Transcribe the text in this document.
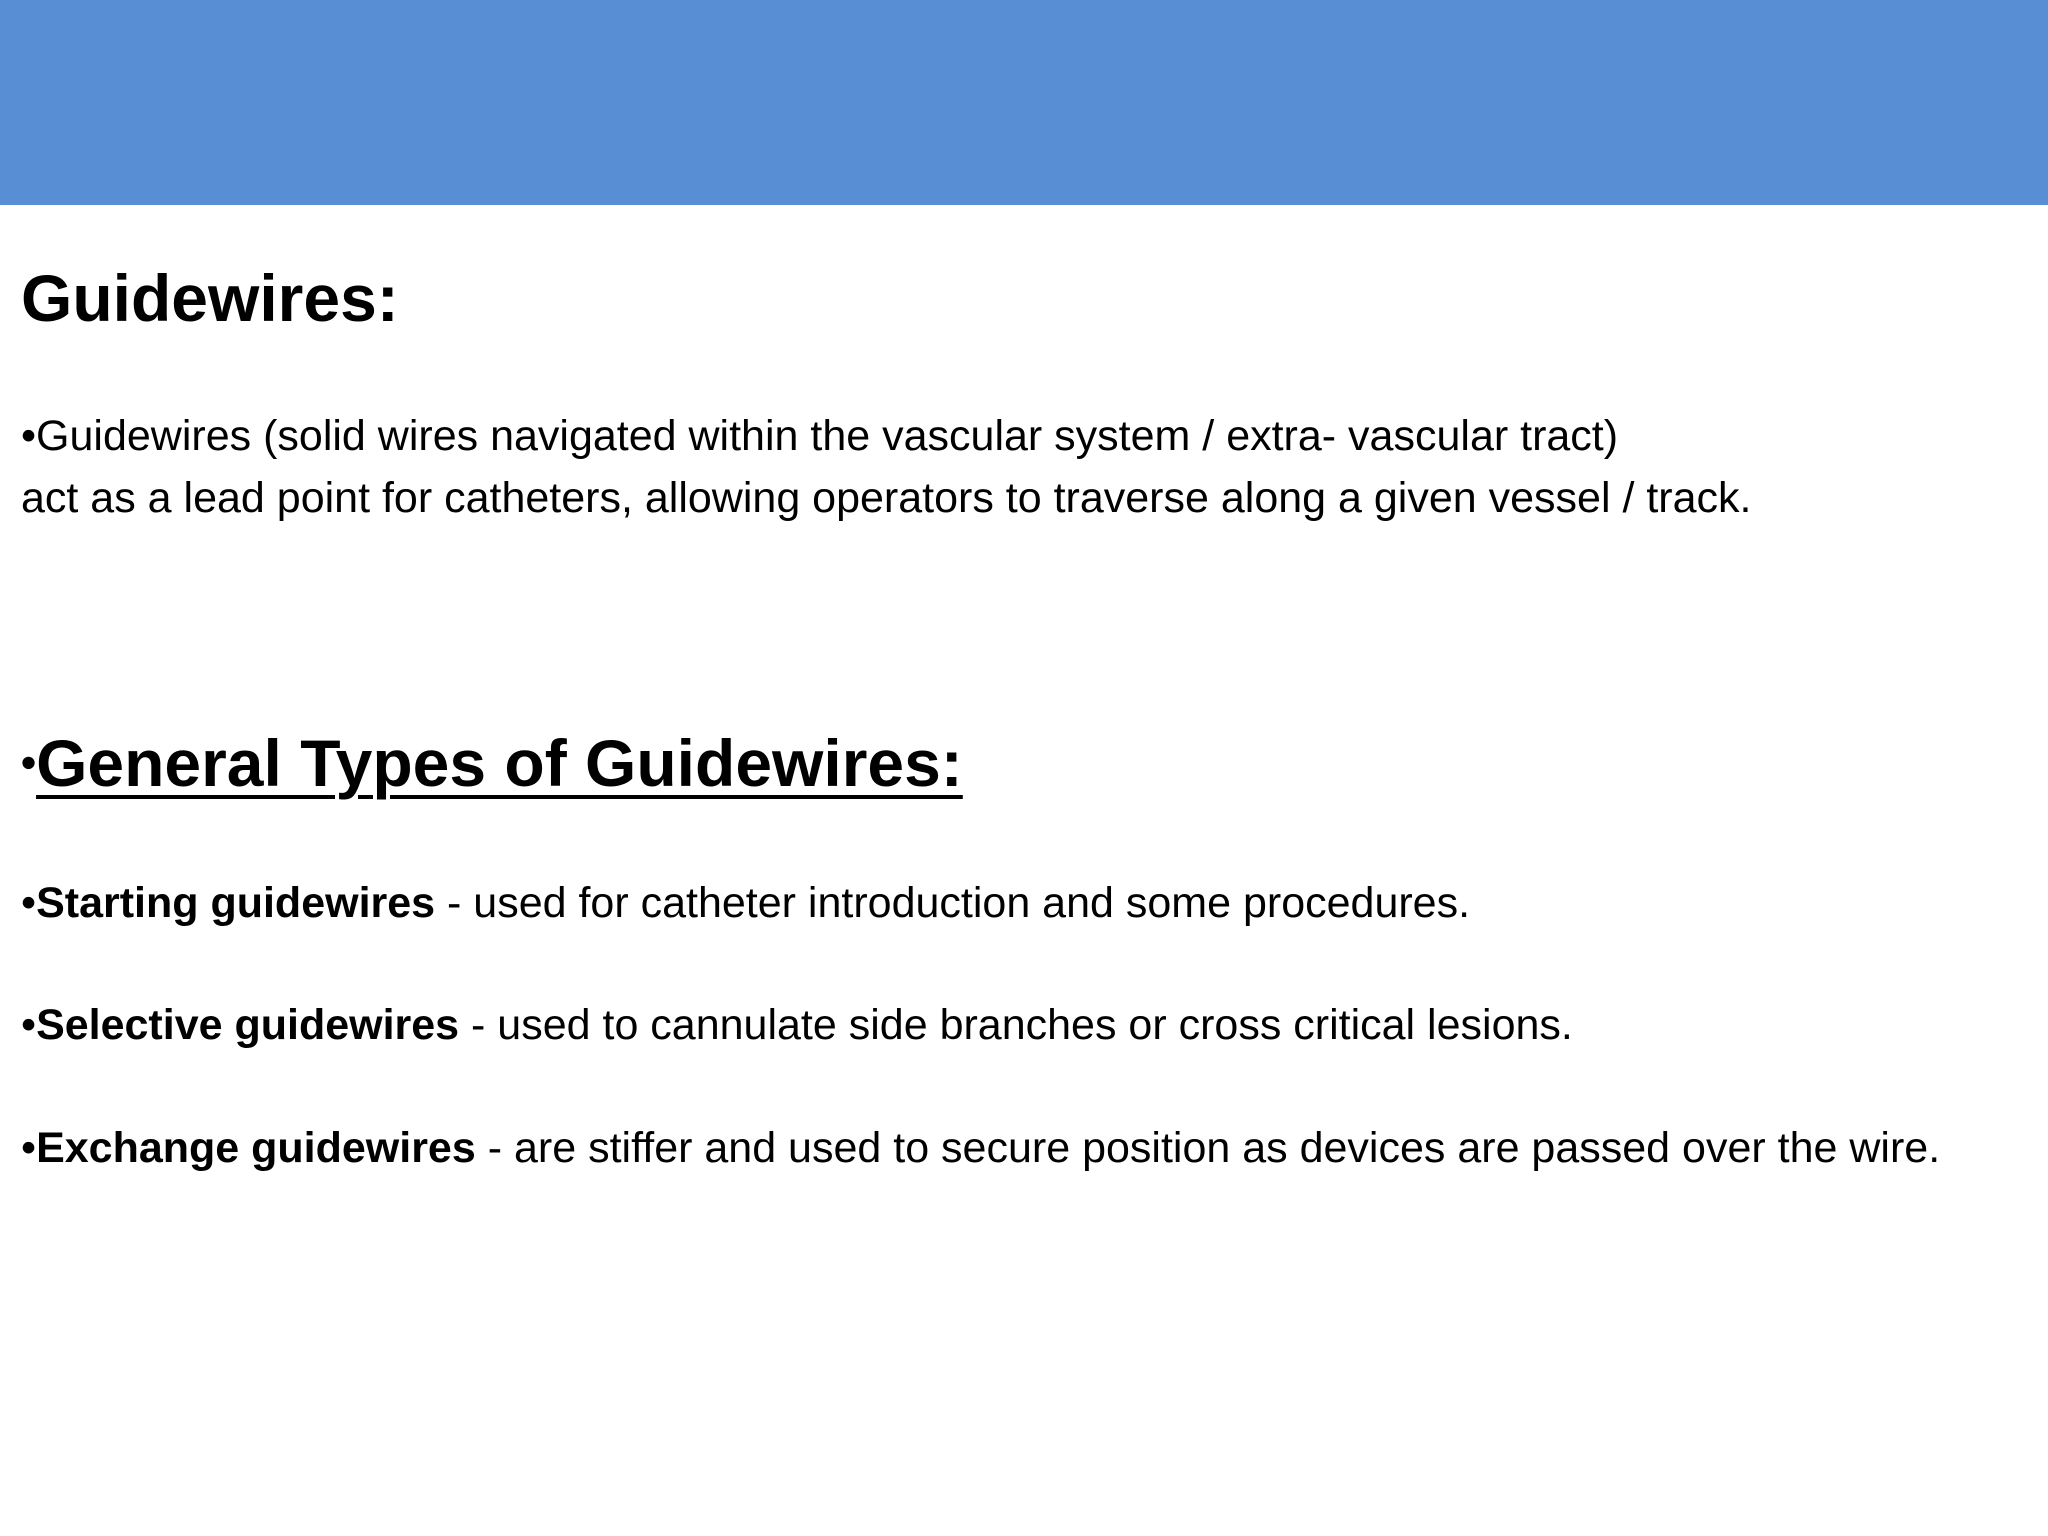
Guidewires:

•Guidewires (solid wires navigated within the vascular system / extra- vascular tract)
act as a lead point for catheters, allowing operators to traverse along a given vessel / track.

•General Types of Guidewires:

•Starting guidewires - used for catheter introduction and some procedures.

•Selective guidewires - used to cannulate side branches or cross critical lesions.

•Exchange guidewires - are stiffer and used to secure position as devices are passed over the wire.
